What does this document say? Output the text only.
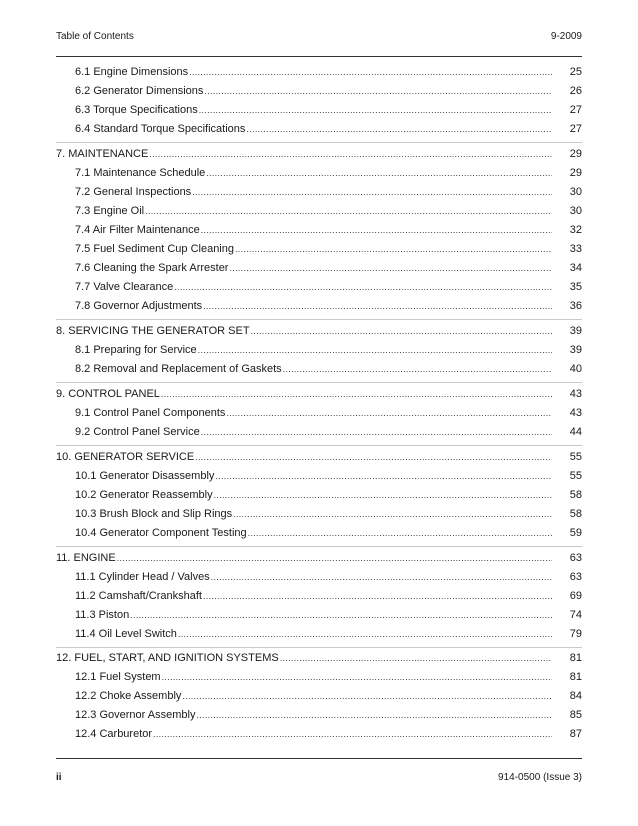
Table of Contents	9-2009
6.1 Engine Dimensions .....	25
6.2 Generator Dimensions .....	26
6.3 Torque Specifications .....	27
6.4 Standard Torque Specifications .....	27
7. MAINTENANCE .....	29
7.1 Maintenance Schedule .....	29
7.2 General Inspections .....	30
7.3 Engine Oil .....	30
7.4 Air Filter Maintenance .....	32
7.5 Fuel Sediment Cup Cleaning .....	33
7.6 Cleaning the Spark Arrester .....	34
7.7 Valve Clearance .....	35
7.8 Governor Adjustments .....	36
8. SERVICING THE GENERATOR SET .....	39
8.1 Preparing for Service .....	39
8.2 Removal and Replacement of Gaskets .....	40
9. CONTROL PANEL .....	43
9.1 Control Panel Components .....	43
9.2 Control Panel Service .....	44
10. GENERATOR SERVICE .....	55
10.1 Generator Disassembly .....	55
10.2 Generator Reassembly .....	58
10.3 Brush Block and Slip Rings .....	58
10.4 Generator Component Testing .....	59
11. ENGINE .....	63
11.1 Cylinder Head / Valves .....	63
11.2 Camshaft/Crankshaft .....	69
11.3 Piston .....	74
11.4 Oil Level Switch .....	79
12. FUEL, START, AND IGNITION SYSTEMS .....	81
12.1 Fuel System .....	81
12.2 Choke Assembly .....	84
12.3 Governor Assembly .....	85
12.4 Carburetor .....	87
ii	914-0500 (Issue 3)
